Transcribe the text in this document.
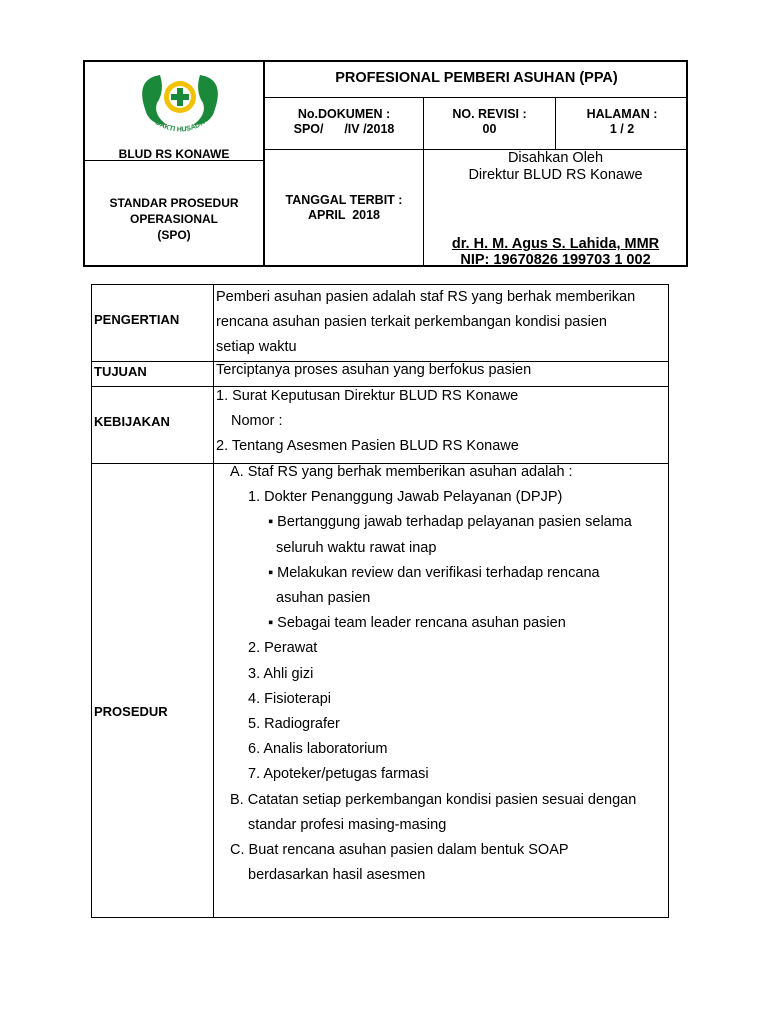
BAKTI HUSADA
BLUD RS KONAWE
STANDAR PROSEDUR
OPERASIONAL
(SPO)
PROFESIONAL PEMBERI ASUHAN (PPA)
No.DOKUMEN :
SPO/      /IV /2018
NO. REVISI :
00
HALAMAN :
1 / 2
TANGGAL TERBIT :
APRIL  2018
Disahkan Oleh
Direktur BLUD RS Konawe
dr. H. M. Agus S. Lahida, MMR
NIP: 19670826 199703 1 002
PENGERTIAN
Pemberi asuhan pasien adalah staf RS yang berhak memberikan
rencana asuhan pasien terkait perkembangan kondisi pasien
setiap waktu
TUJUAN	Terciptanya proses asuhan yang berfokus pasien
KEBIJAKAN
1. Surat Keputusan Direktur BLUD RS Konawe
Nomor :
2. Tentang Asesmen Pasien BLUD RS Konawe
PROSEDUR
A. Staf RS yang berhak memberikan asuhan adalah :
1. Dokter Penanggung Jawab Pelayanan (DPJP)
▪ Bertanggung jawab terhadap pelayanan pasien selama
seluruh waktu rawat inap
▪ Melakukan review dan verifikasi terhadap rencana
asuhan pasien
▪ Sebagai team leader rencana asuhan pasien
2. Perawat
3. Ahli gizi
4. Fisioterapi
5. Radiografer
6. Analis laboratorium
7. Apoteker/petugas farmasi
B. Catatan setiap perkembangan kondisi pasien sesuai dengan
standar profesi masing-masing
C. Buat rencana asuhan pasien dalam bentuk SOAP
berdasarkan hasil asesmen
